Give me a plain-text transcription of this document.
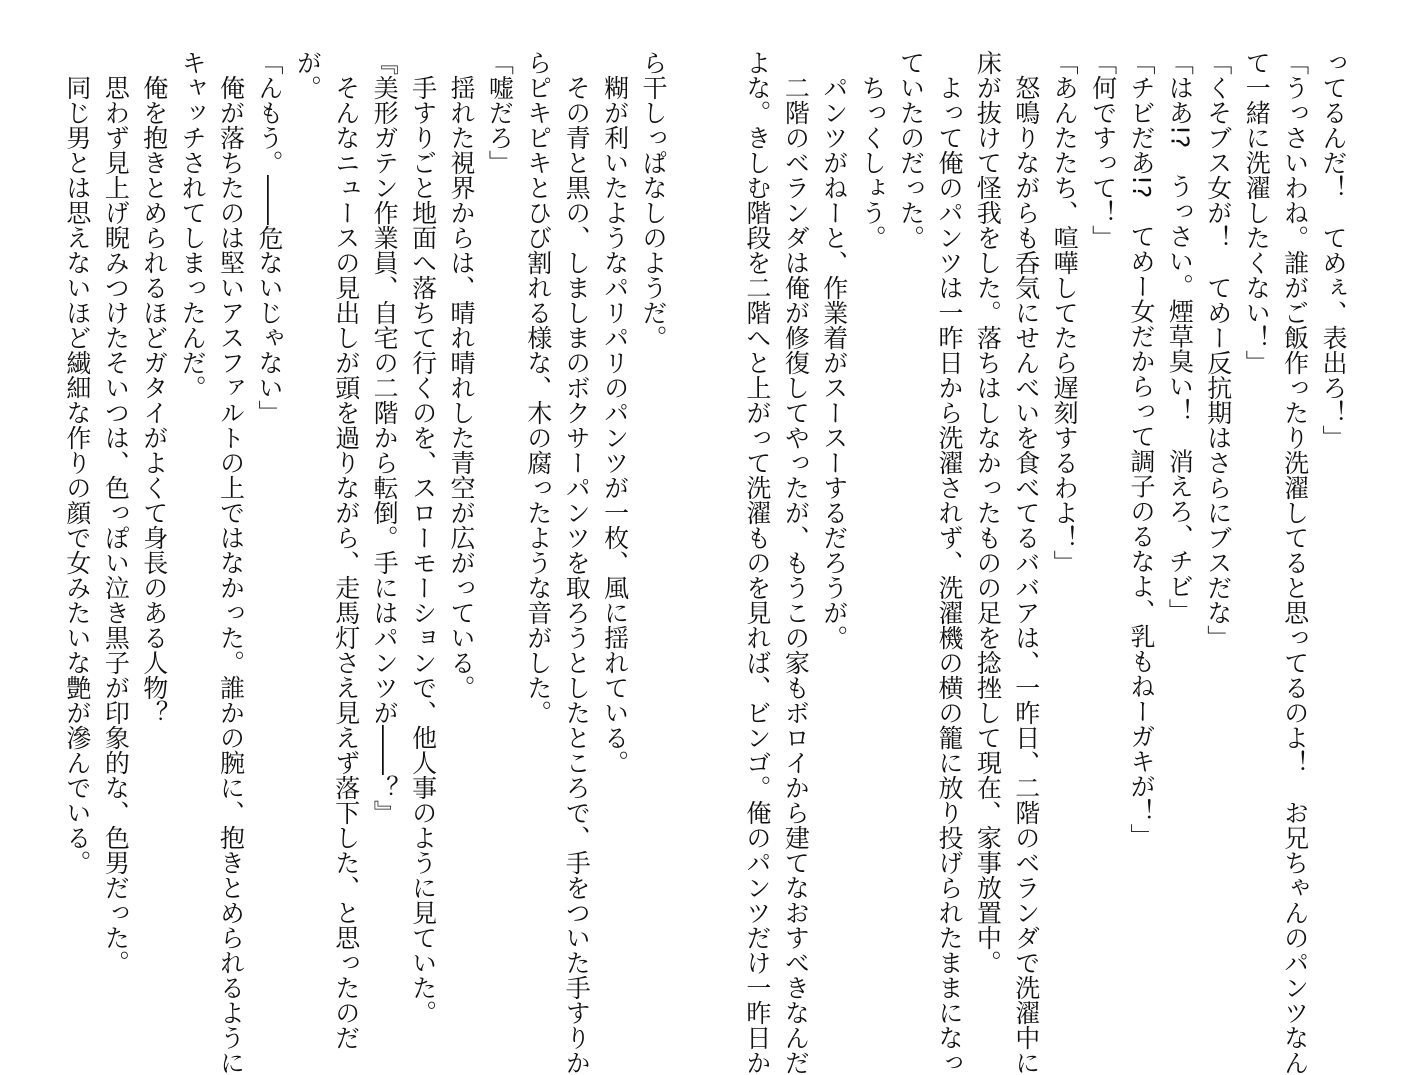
ってるんだ！　てめぇ、表出ろ！」
「うっさいわね。誰がご飯作ったり洗濯してると思ってるのよ！　お兄ちゃんのパンツなん
て一緒に洗濯したくない！」
「くそブス女が！　てめー反抗期はさらにブスだな」
「はあ!?　うっさい。煙草臭い！　消えろ、チビ」
「チビだあ!?　てめー女だからって調子のるなよ、乳もねーガキが！」
「何ですって！」
「あんたたち、喧嘩してたら遅刻するわよ！」
　怒鳴りながらも呑気にせんべいを食べてるババアは、一昨日、二階のベランダで洗濯中に
床が抜けて怪我をした。落ちはしなかったものの足を捻挫して現在、家事放置中。
　よって俺のパンツは一昨日から洗濯されず、洗濯機の横の籠に放り投げられたままになっ
ていたのだった。
　ちっくしょう。
　パンツがねーと、作業着がスースーするだろうが。
　二階のベランダは俺が修復してやったが、もうこの家もボロイから建てなおすべきなんだ
よな。きしむ階段を二階へと上がって洗濯ものを見れば、ビンゴ。俺のパンツだけ一昨日か
ら干しっぱなしのようだ。
　糊が利いたようなパリパリのパンツが一枚、風に揺れている。
　その青と黒の、しましまのボクサーパンツを取ろうとしたところで、手をついた手すりか
らピキピキとひび割れる様な、木の腐ったような音がした。
「嘘だろ」
　揺れた視界からは、晴れ晴れした青空が広がっている。
　手すりごと地面へ落ちて行くのを、スローモーションで、他人事のように見ていた。
『美形ガテン作業員、自宅の二階から転倒。手にはパンツが――？』
　そんなニュースの見出しが頭を過りながら、走馬灯さえ見えず落下した、と思ったのだ
が。
「んもう。――危ないじゃない」
　俺が落ちたのは堅いアスファルトの上ではなかった。誰かの腕に、抱きとめられるように
キャッチされてしまったんだ。
　俺を抱きとめられるほどガタイがよくて身長のある人物？
　思わず見上げ睨みつけたそいつは、色っぽい泣き黒子が印象的な、色男だった。
　同じ男とは思えないほど繊細な作りの顔で女みたいな艶が滲んでいる。
